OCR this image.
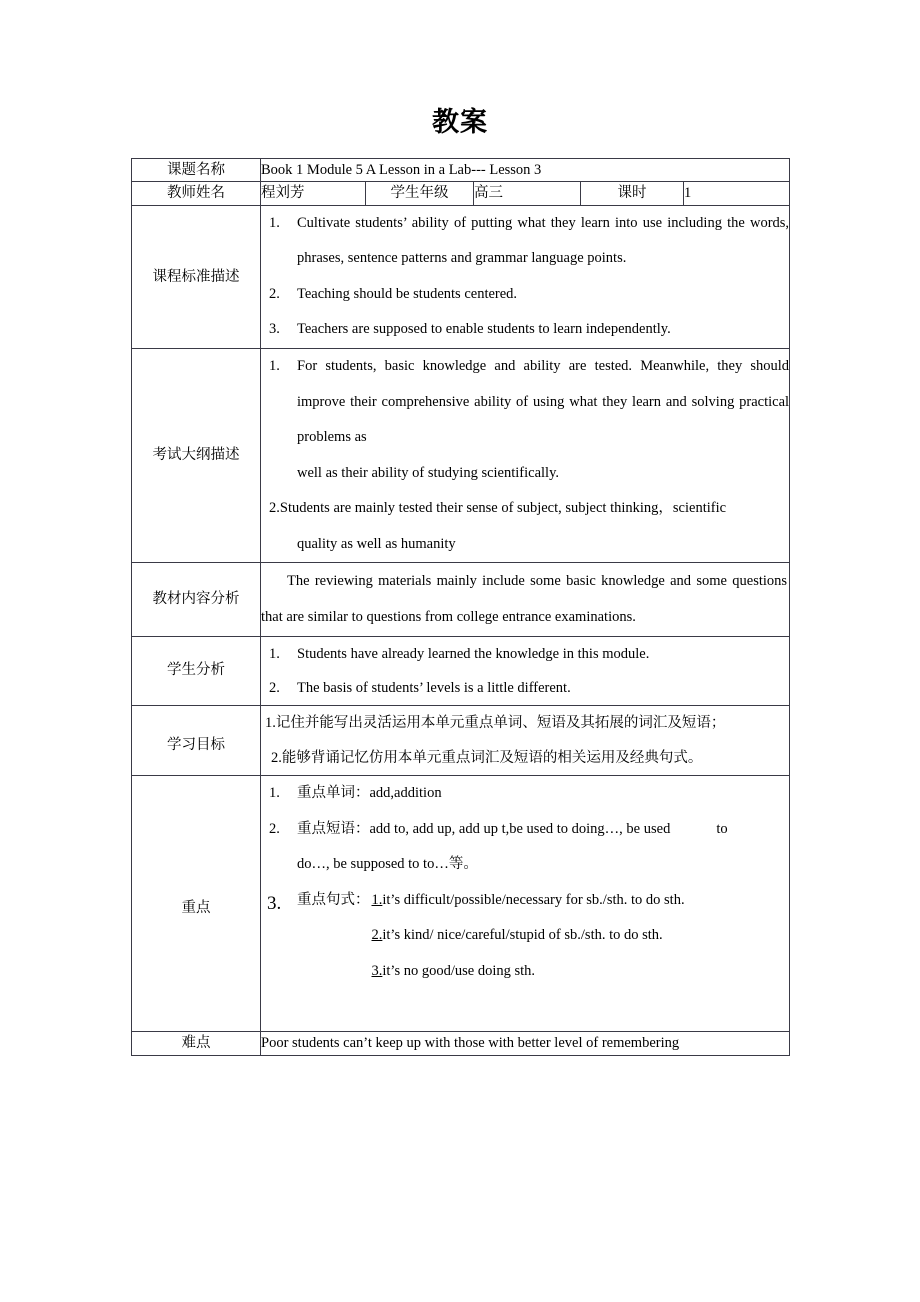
教案
课题名称	Book 1 Module 5 A Lesson in a Lab--- Lesson 3				
教师姓名	程刘芳	学生年级	高三	课时	1
课程标准描述	
1. Cultivate students’ ability of putting what they learn into use including the words, phrases, sentence patterns and grammar language points.
2. Teaching should be students centered.
3. Teachers are supposed to enable students to learn independently.

考试大纲描述	
1. For students, basic knowledge and ability are tested. Meanwhile, they should improve their comprehensive ability of using what they learn and solving practical problems as
well as their ability of studying scientifically.
2.Students are mainly tested their sense of subject, subject thinking，scientific
quality as well as humanity

教材内容分析	The reviewing materials mainly include some basic knowledge and some questions that are similar to questions from college entrance examinations.				

学生分析	
1. Students have already learned the knowledge in this module.
2. The basis of students’ levels is a little different.

学习目标	1.记住并能写出灵活运用本单元重点单词、短语及其拓展的词汇及短语；
2.能够背诵记忆仿用本单元重点词汇及短语的相关运用及经典句式。				

重点	
1. 重点单词：add,addition
2. 重点短语：add to, add up, add up t,be used to doing…, be used	to
do…, be supposed to to…等。
3. 重点句式： 1.it’s difficult/possible/necessary for sb./sth. to do sth.
2.it’s kind/ nice/careful/stupid of sb./sth. to do sth.
3.it’s no good/use doing sth.

难点	Poor students can’t keep up with those with better level of remembering				
